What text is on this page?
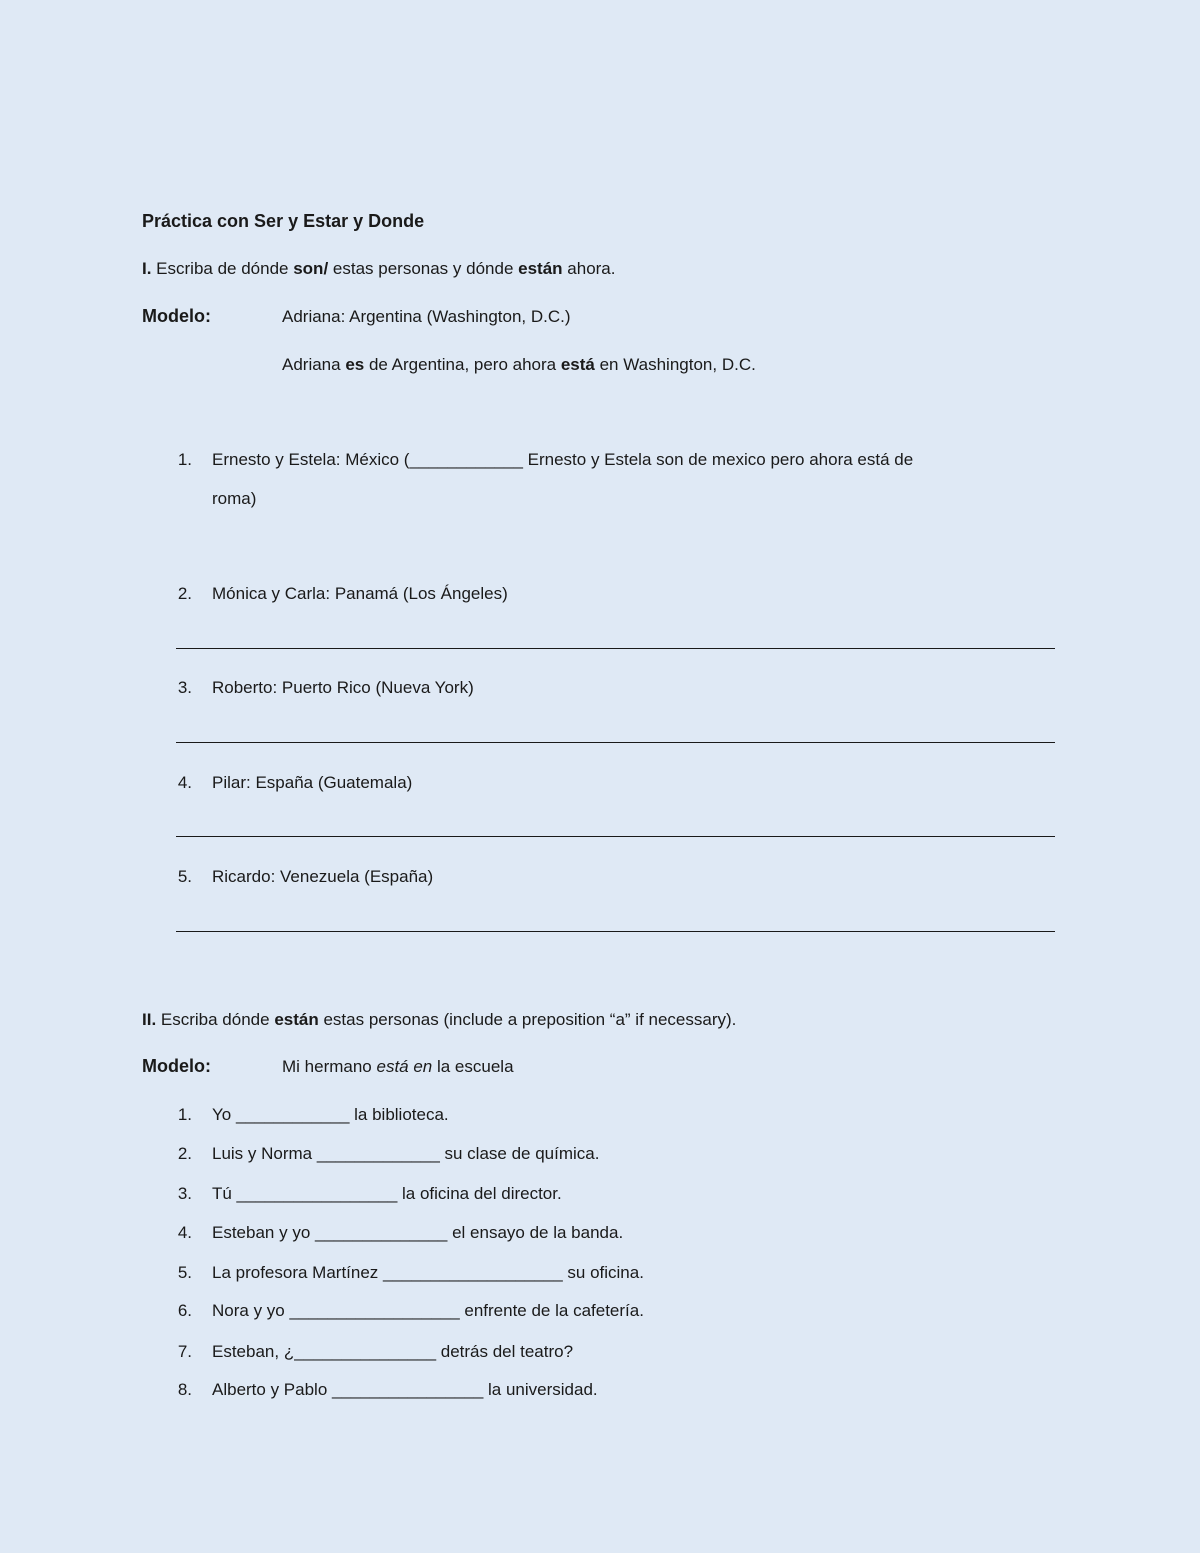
Práctica con Ser y Estar y Donde
I. Escriba de dónde son/ estas personas y dónde están ahora.
Modelo:	Adriana: Argentina (Washington, D.C.)
Adriana es de Argentina, pero ahora está en Washington, D.C.
1. Ernesto y Estela: México (____________ Ernesto y Estela son de mexico pero ahora está de
roma)
2. Mónica y Carla: Panamá (Los Ángeles)
3. Roberto: Puerto Rico (Nueva York)
4. Pilar: España (Guatemala)
5. Ricardo: Venezuela (España)
II. Escriba dónde están estas personas (include a preposition “a” if necessary).
Modelo:	Mi hermano está en la escuela
1. Yo ____________ la biblioteca.
2. Luis y Norma _____________ su clase de química.
3. Tú _________________ la oficina del director.
4. Esteban y yo ______________ el ensayo de la banda.
5. La profesora Martínez ___________________ su oficina.
6. Nora y yo __________________ enfrente de la cafetería.
7. Esteban, ¿_______________ detrás del teatro?
8. Alberto y Pablo ________________ la universidad.
